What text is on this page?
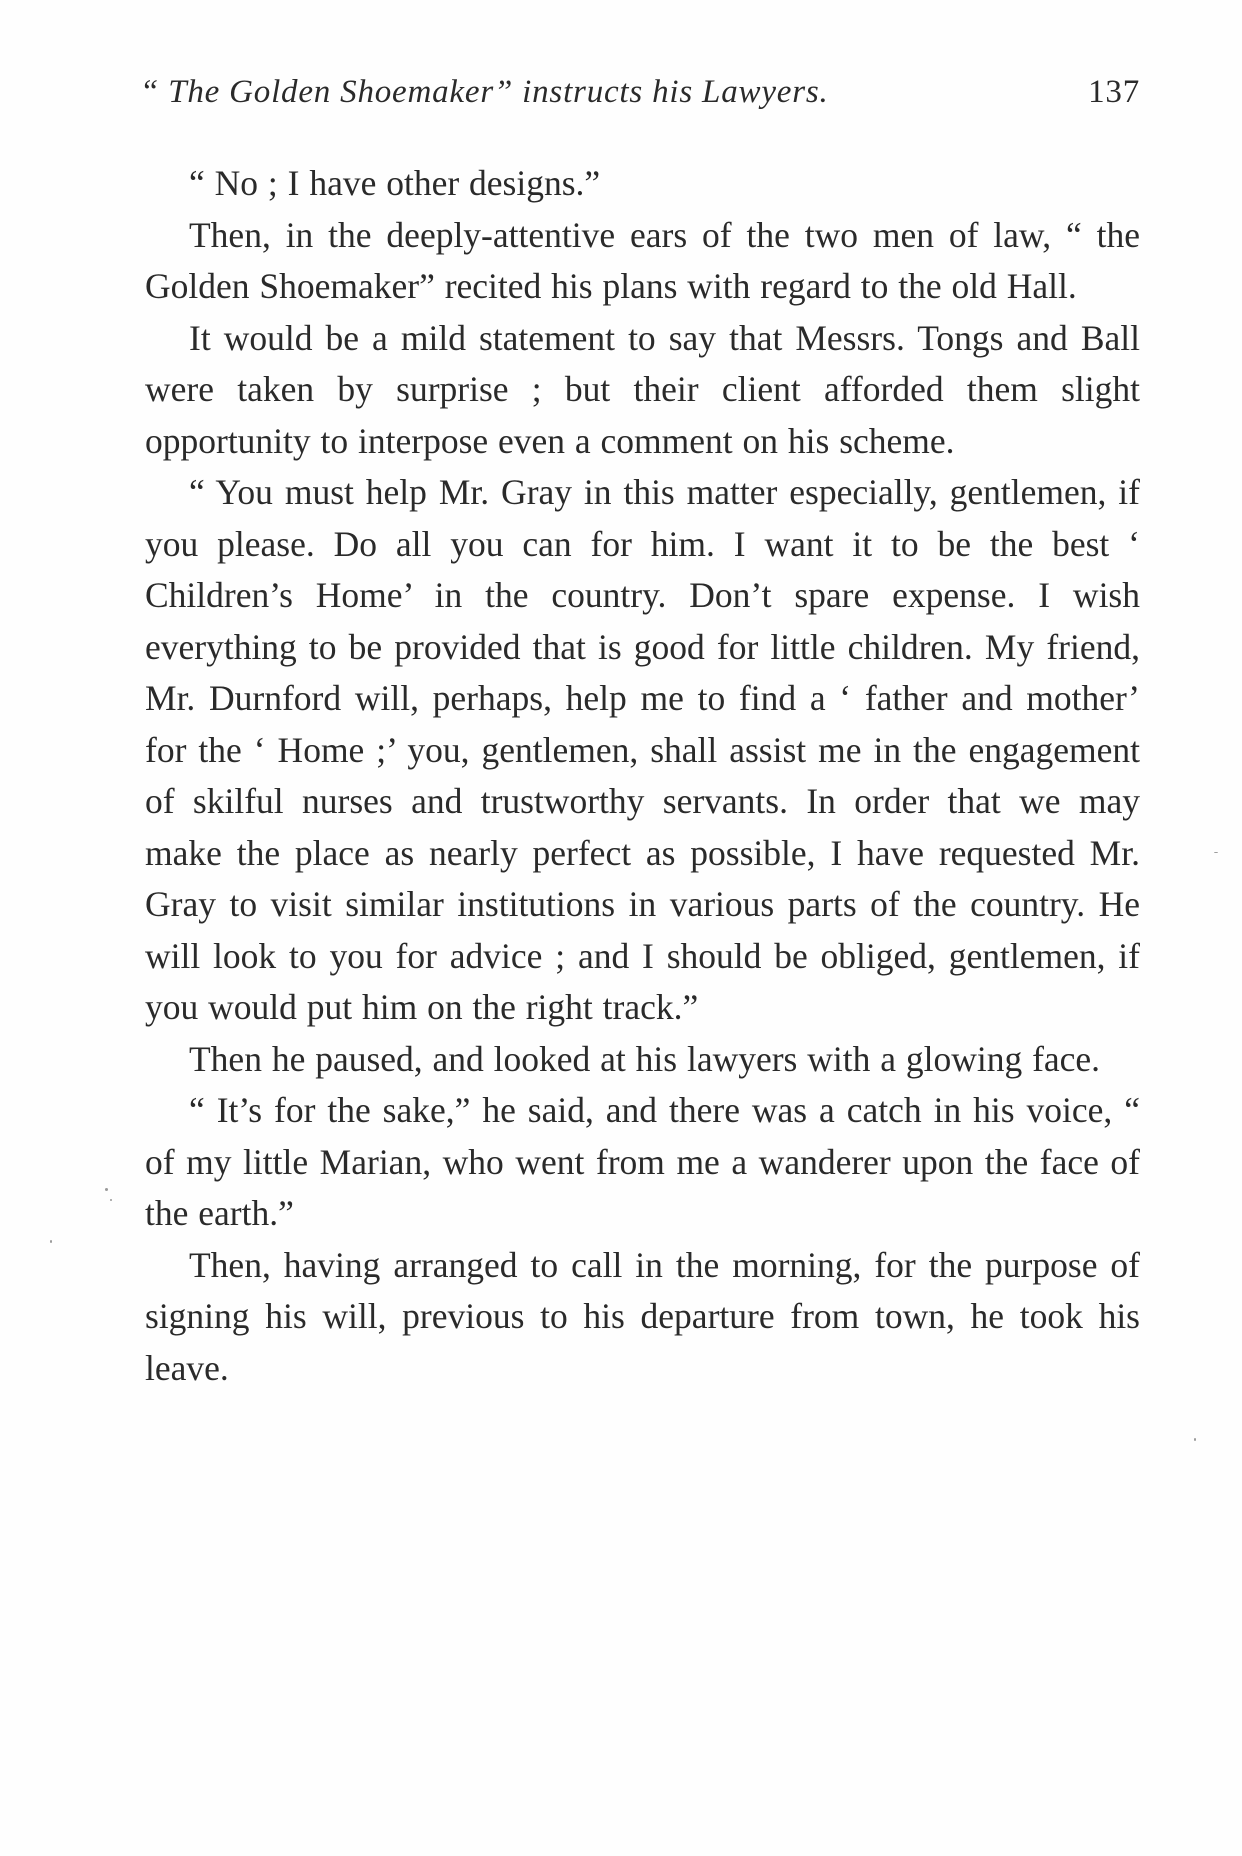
“ The Golden Shoemaker” instructs his Lawyers.	137

“ No ; I have other designs.”

Then, in the deeply-attentive ears of the two men of law, “ the Golden Shoemaker” recited his plans with regard to the old Hall.

It would be a mild statement to say that Messrs. Tongs and Ball were taken by surprise ; but their client afforded them slight opportunity to interpose even a comment on his scheme.

“ You must help Mr. Gray in this matter especially, gentlemen, if you please. Do all you can for him. I want it to be the best ‘ Children’s Home’ in the country. Don’t spare expense. I wish everything to be provided that is good for little children. My friend, Mr. Durnford will, perhaps, help me to find a ‘ father and mother’ for the ‘ Home ;’ you, gentlemen, shall assist me in the engagement of skilful nurses and trustworthy servants. In order that we may make the place as nearly perfect as possible, I have requested Mr. Gray to visit similar institutions in various parts of the country. He will look to you for advice ; and I should be obliged, gentlemen, if you would put him on the right track.”

Then he paused, and looked at his lawyers with a glowing face.

“ It’s for the sake,” he said, and there was a catch in his voice, “ of my little Marian, who went from me a wanderer upon the face of the earth.”

Then, having arranged to call in the morning, for the purpose of signing his will, previous to his departure from town, he took his leave.
